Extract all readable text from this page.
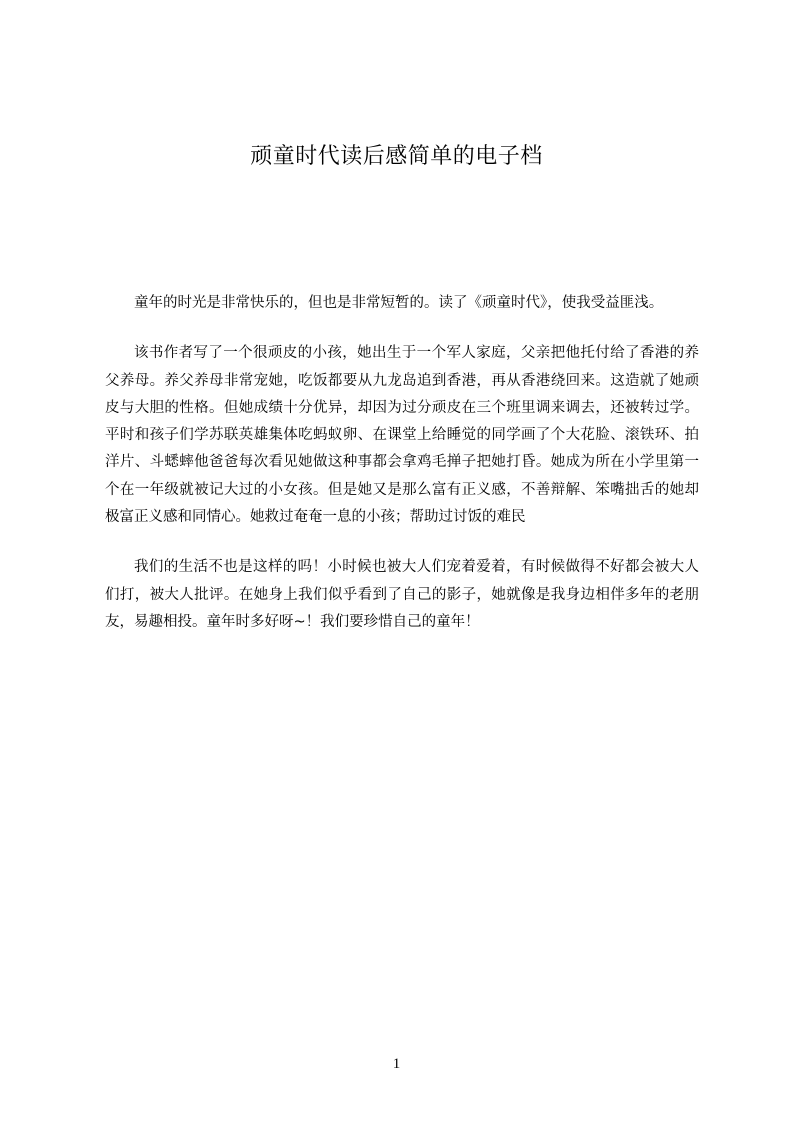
顽童时代读后感简单的电子档

童年的时光是非常快乐的，但也是非常短暂的。读了《顽童时代》，使我受益匪浅。

该书作者写了一个很顽皮的小孩，她出生于一个军人家庭，父亲把他托付给了香港的养父养母。养父养母非常宠她，吃饭都要从九龙岛追到香港，再从香港绕回来。这造就了她顽皮与大胆的性格。但她成绩十分优异，却因为过分顽皮在三个班里调来调去，还被转过学。平时和孩子们学苏联英雄集体吃蚂蚁卵、在课堂上给睡觉的同学画了个大花脸、滚铁环、拍洋片、斗蟋蟀他爸爸每次看见她做这种事都会拿鸡毛掸子把她打昏。她成为所在小学里第一个在一年级就被记大过的小女孩。但是她又是那么富有正义感，不善辩解、笨嘴拙舌的她却极富正义感和同情心。她救过奄奄一息的小孩；帮助过讨饭的难民

我们的生活不也是这样的吗！小时候也被大人们宠着爱着，有时候做得不好都会被大人们打，被大人批评。在她身上我们似乎看到了自己的影子，她就像是我身边相伴多年的老朋友，易趣相投。童年时多好呀~！我们要珍惜自己的童年！

1
